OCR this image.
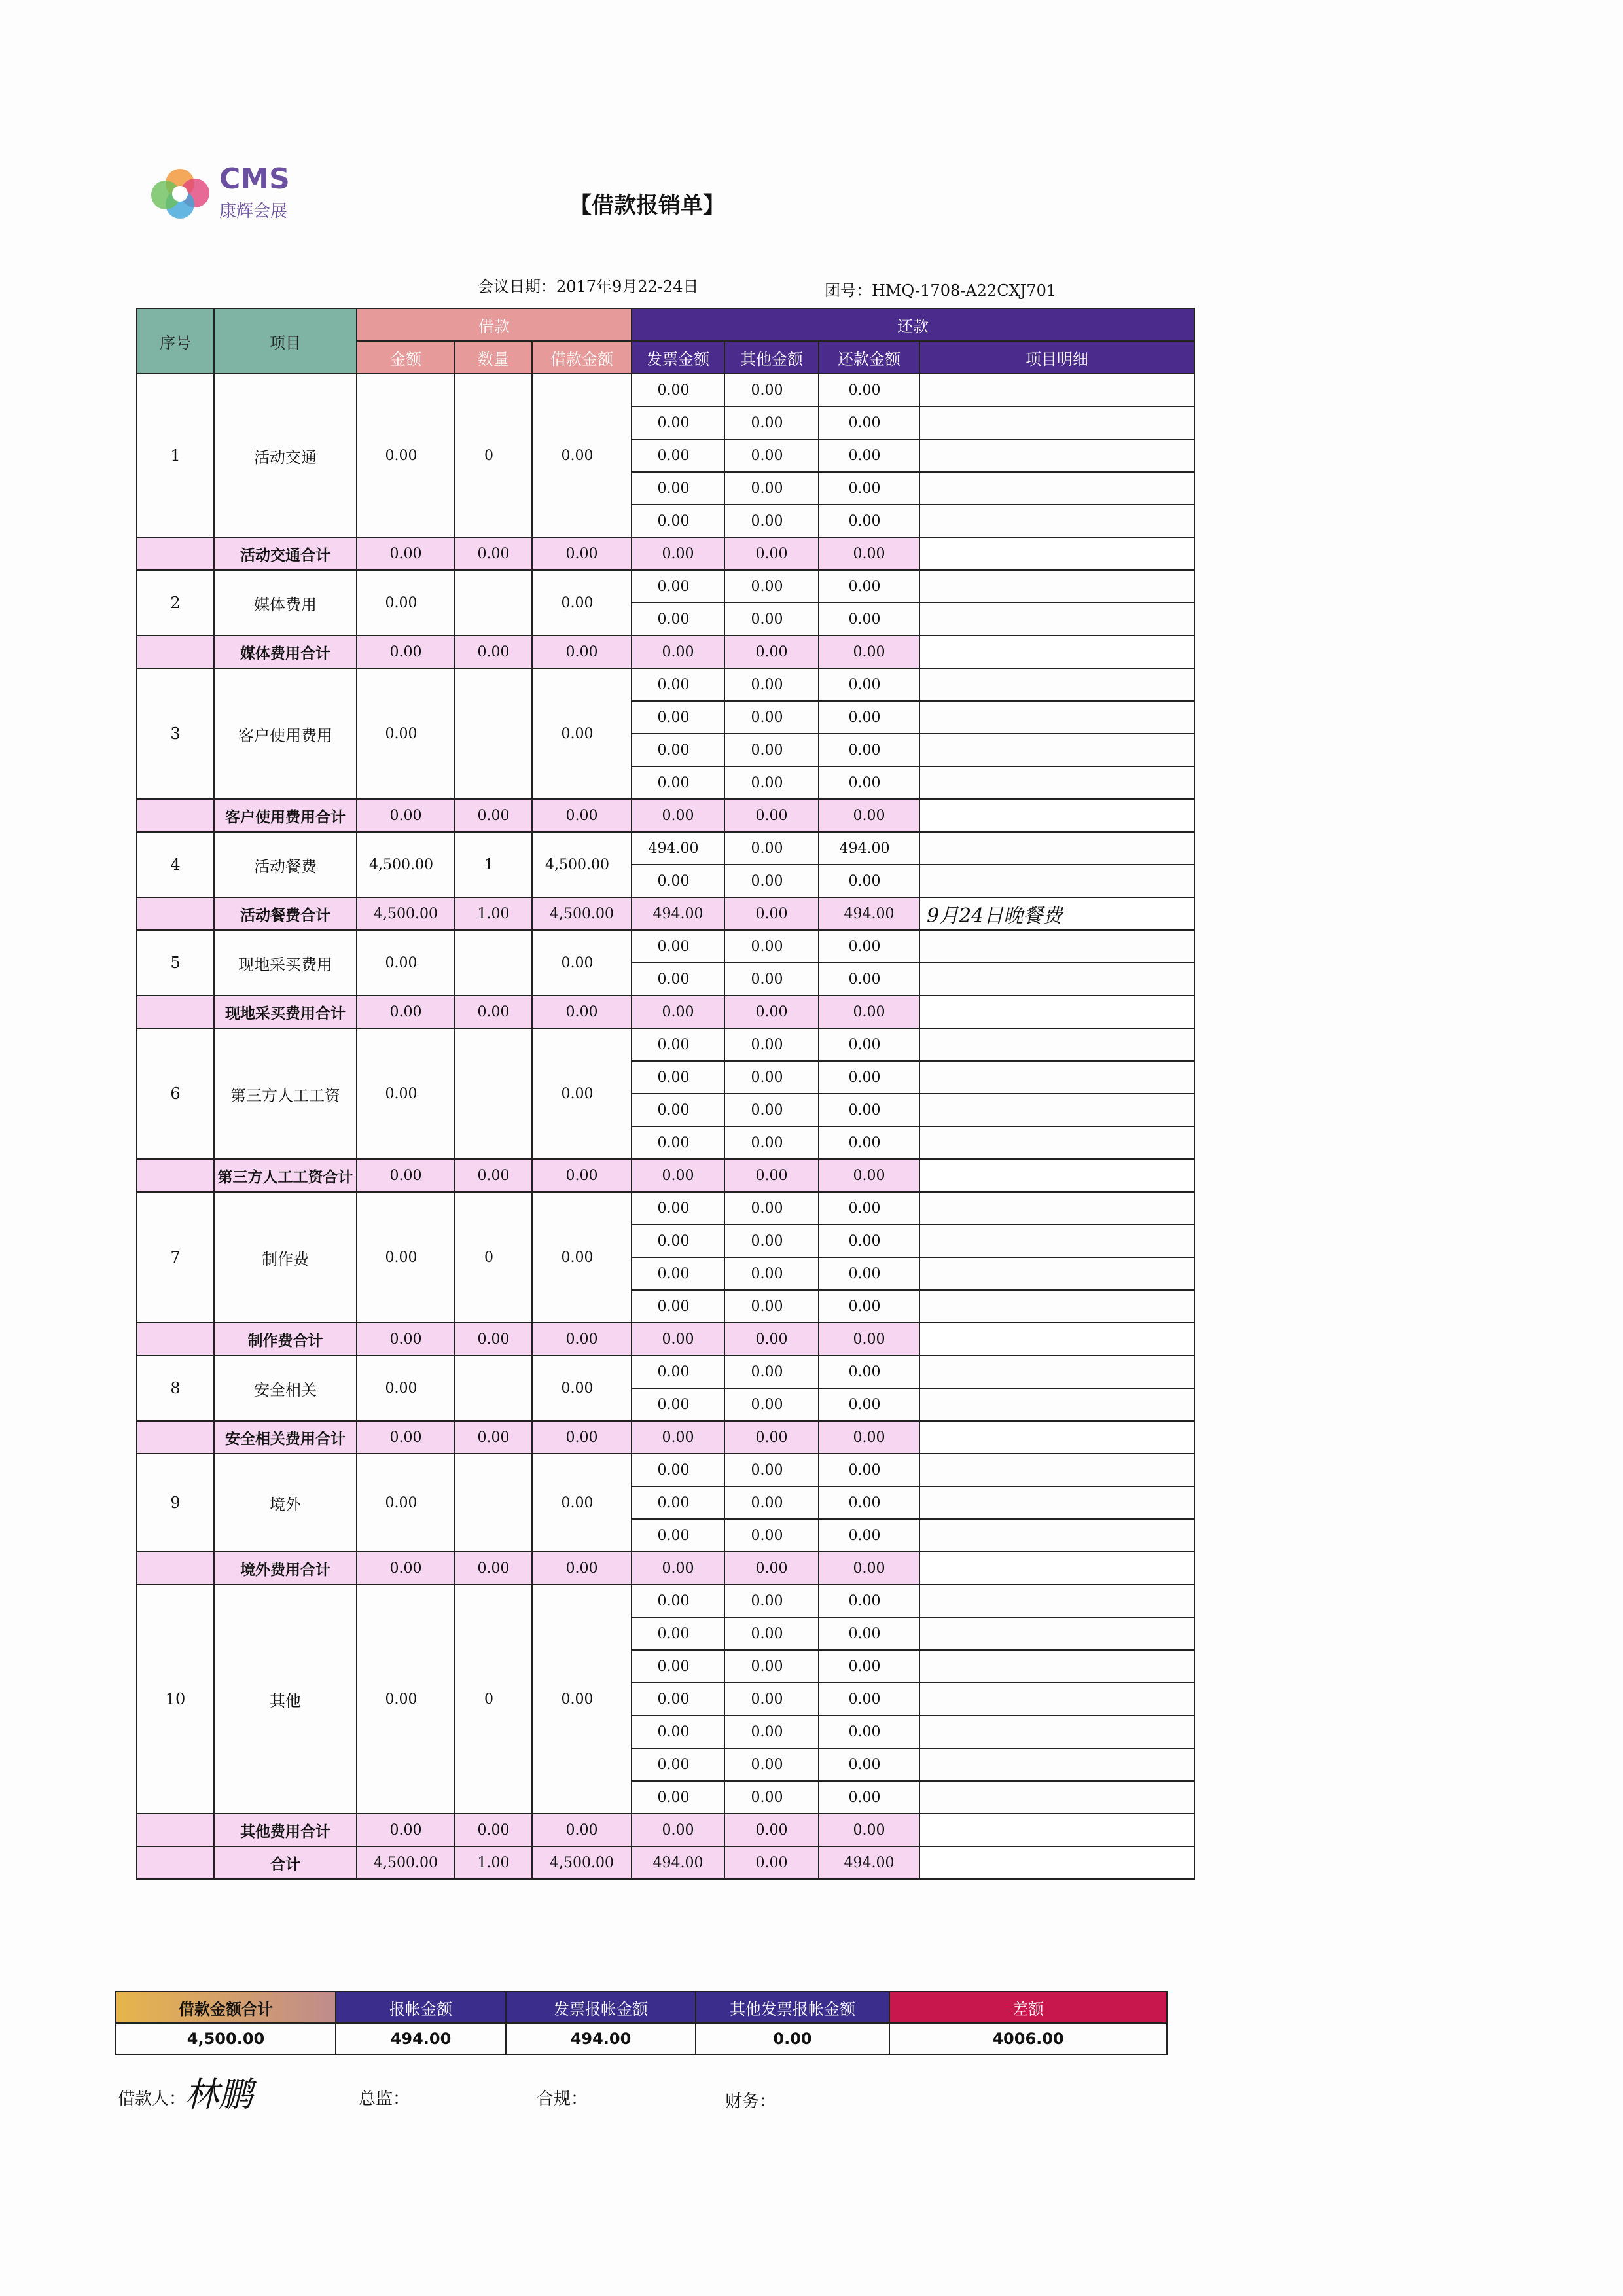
CMS
康辉会展	【借款报销单】
会议日期：2017年9月22-24日	团号：HMQ-1708-A22CXJ701
序号	项目	借款			还款			
		金额	数量	借款金额	发票金额	其他金额	还款金额	项目明细
1	活动交通	0.00	0	0.00	0.00	0.00	0.00	
					0.00	0.00	0.00	
					0.00	0.00	0.00	
					0.00	0.00	0.00	
					0.00	0.00	0.00	
	活动交通合计	0.00	0.00	0.00	0.00	0.00	0.00	
2	媒体费用	0.00		0.00	0.00	0.00	0.00	
					0.00	0.00	0.00	
	媒体费用合计	0.00	0.00	0.00	0.00	0.00	0.00	
3	客户使用费用	0.00		0.00	0.00	0.00	0.00	
					0.00	0.00	0.00	
					0.00	0.00	0.00	
					0.00	0.00	0.00	
	客户使用费用合计	0.00	0.00	0.00	0.00	0.00	0.00	
4	活动餐费	4,500.00	1	4,500.00	494.00	0.00	494.00	
					0.00	0.00	0.00	
	活动餐费合计	4,500.00	1.00	4,500.00	494.00	0.00	494.00	9月24日晚餐费
5	现地采买费用	0.00		0.00	0.00	0.00	0.00	
					0.00	0.00	0.00	
	现地采买费用合计	0.00	0.00	0.00	0.00	0.00	0.00	
6	第三方人工工资	0.00		0.00	0.00	0.00	0.00	
					0.00	0.00	0.00	
					0.00	0.00	0.00	
					0.00	0.00	0.00	
	第三方人工工资合计	0.00	0.00	0.00	0.00	0.00	0.00	
7	制作费	0.00	0	0.00	0.00	0.00	0.00	
					0.00	0.00	0.00	
					0.00	0.00	0.00	
					0.00	0.00	0.00	
	制作费合计	0.00	0.00	0.00	0.00	0.00	0.00	
8	安全相关	0.00		0.00	0.00	0.00	0.00	
					0.00	0.00	0.00	
	安全相关费用合计	0.00	0.00	0.00	0.00	0.00	0.00	
9	境外	0.00		0.00	0.00	0.00	0.00	
					0.00	0.00	0.00	
					0.00	0.00	0.00	
	境外费用合计	0.00	0.00	0.00	0.00	0.00	0.00	
10	其他	0.00	0	0.00	0.00	0.00	0.00	
					0.00	0.00	0.00	
					0.00	0.00	0.00	
					0.00	0.00	0.00	
					0.00	0.00	0.00	
					0.00	0.00	0.00	
					0.00	0.00	0.00	
	其他费用合计	0.00	0.00	0.00	0.00	0.00	0.00	
	合计	4,500.00	1.00	4,500.00	494.00	0.00	494.00	
借款金额合计	报帐金额	发票报帐金额	其他发票报帐金额	差额
4,500.00	494.00	494.00	0.00	4006.00
借款人：
林鹏	总监：	合规：	财务：
